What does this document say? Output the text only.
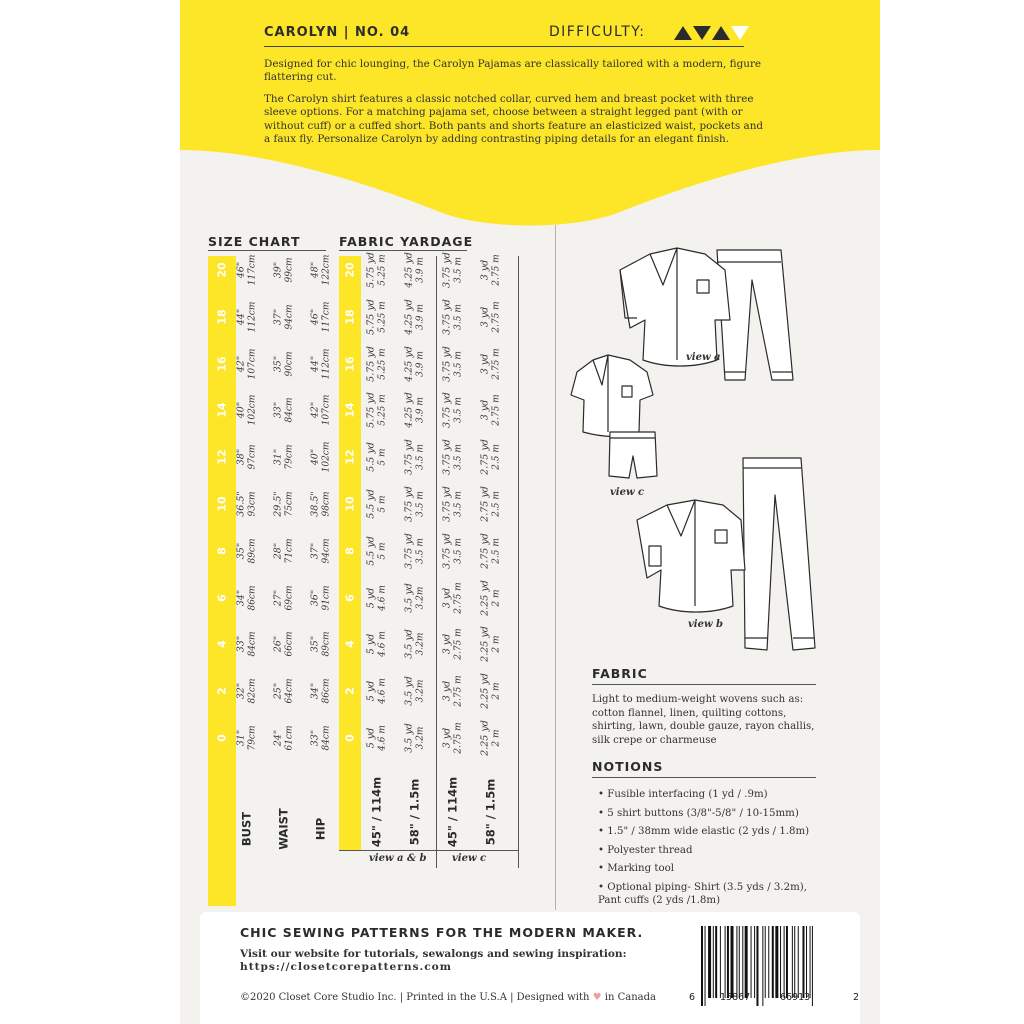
CAROLYN | NO. 04	DIFFICULTY:

Designed for chic lounging, the Carolyn Pajamas are classically tailored with a modern, figure flattering cut.

The Carolyn shirt features a classic notched collar, curved hem and breast pocket with three sleeve options. For a matching pajama set, choose between a straight legged pant (with or without cuff) or a cuffed short. Both pants and shorts feature an elasticized waist, pockets and a faux fly. Personalize Carolyn by adding contrasting piping details for an elegant finish.

SIZE CHART	FABRIC YARDAGE
0	0
31" 79cm 24" 61cm 33" 84cm	5 yd 4.6 m 3.5 yd 3.2m 3 yd 2.75 m 2.25 yd 2 m
2	2
32" 82cm 25" 64cm 34" 86cm	5 yd 4.6 m 3.5 yd 3.2m 3 yd 2.75 m 2.25 yd 2 m
4	4
33" 84cm 26" 66cm 35" 89cm	5 yd 4.6 m 3.5 yd 3.2m 3 yd 2.75 m 2.25 yd 2 m
6	6
34" 86cm 27" 69cm 36" 91cm	5 yd 4.6 m 3.5 yd 3.2m 3 yd 2.75 m 2.25 yd 2 m
8	8
35" 89cm 28" 71cm 37" 94cm	5.5 yd 5 m 3.75 yd 3.5 m 3.75 yd 3.5 m 2.75 yd 2.5 m
10	10
36.5" 93cm 29.5" 75cm 38.5" 98cm	5.5 yd 5 m 3.75 yd 3.5 m 3.75 yd 3.5 m 2.75 yd 2.5 m
12	12
38" 97cm 31" 79cm 40" 102cm	5.5 yd 5 m 3.75 yd 3.5 m 3.75 yd 3.5 m 2.75 yd 2.5 m
14	14
40" 102cm 33" 84cm 42" 107cm	5.75 yd 5.25 m 4.25 yd 3.9 m 3.75 yd 3.5 m 3 yd 2.75 m
16	16
42" 107cm 35" 90cm 44" 112cm	5.75 yd 5.25 m 4.25 yd 3.9 m 3.75 yd 3.5 m 3 yd 2.75 m
18	18
44" 112cm 37" 94cm 46" 117cm	5.75 yd 5.25 m 4.25 yd 3.9 m 3.75 yd 3.5 m 3 yd 2.75 m
20	20
46" 117cm 39" 99cm 48" 122cm	5.75 yd 5.25 m 4.25 yd 3.9 m 3.75 yd 3.5 m 3 yd 2.75 m
BUST WAIST HIP	45" / 114m 58" / 1.5m 45" / 114m 58" / 1.5m
view a & b	view c
view a
view c
view b
FABRIC
Light to medium-weight wovens such as: cotton flannel, linen, quilting cottons, shirting, lawn, double gauze, rayon challis, silk crepe or charmeuse
NOTIONS
• Fusible interfacing (1 yd / .9m)
• 5 shirt buttons (3/8"-5/8" / 10-15mm)
• 1.5" / 38mm wide elastic (2 yds / 1.8m)
• Polyester thread
• Marking tool
• Optional piping- Shirt (3.5 yds / 3.2m), Pant cuffs (2 yds /1.8m)
CHIC SEWING PATTERNS FOR THE MODERN MAKER.
Visit our website for tutorials, sewalongs and sewing inspiration:
https://closetcorepatterns.com
©2020 Closet Core Studio Inc. | Printed in the U.S.A | Designed with ♥ in Canada	6	15867	66913	2
